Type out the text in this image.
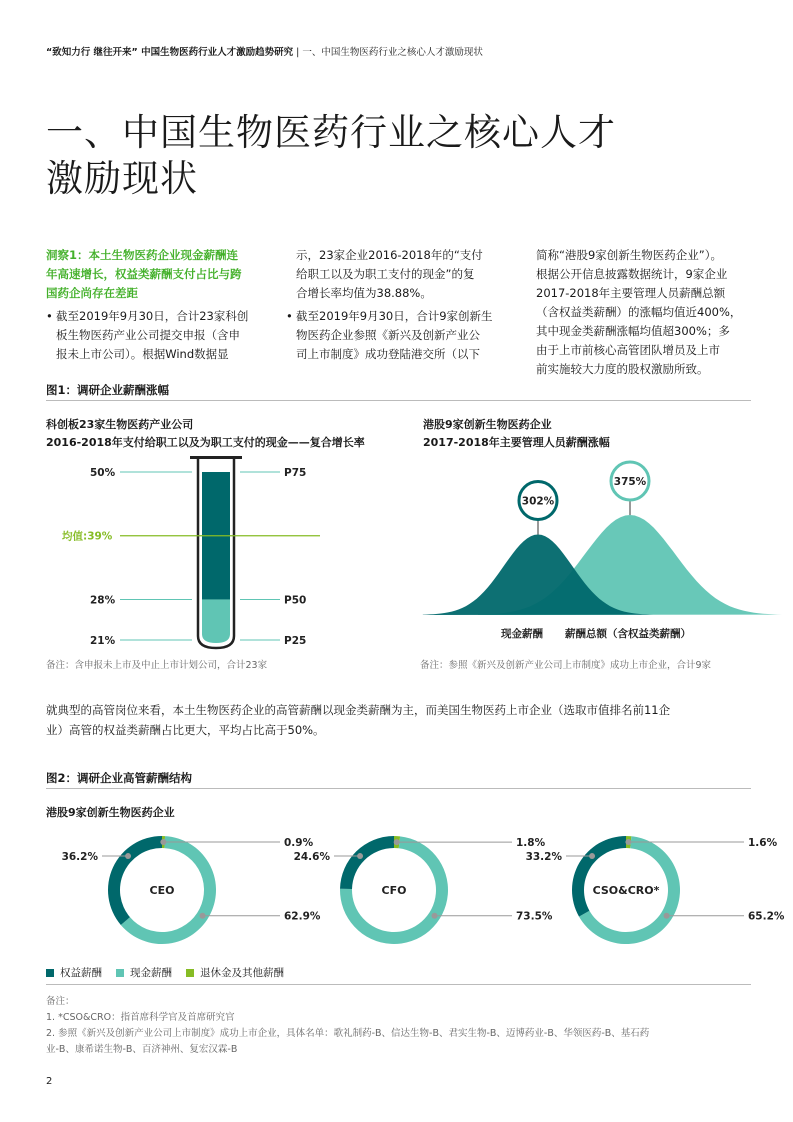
“致知力行 继往开来” 中国生物医药行业人才激励趋势研究 | 一、中国生物医药行业之核心人才激励现状
一、中国生物医药行业之核心人才
激励现状
洞察1：本土生物医药企业现金薪酬连
年高速增长，权益类薪酬支付占比与跨
国药企尚存在差距
• 截至2019年9月30日，合计23家科创
板生物医药产业公司提交申报（含申
报未上市公司）。根据Wind数据显
示，23家企业2016-2018年的“支付
给职工以及为职工支付的现金”的复
合增长率均值为38.88%。
• 截至2019年9月30日，合计9家创新生
物医药企业参照《新兴及创新产业公
司上市制度》成功登陆港交所（以下
简称“港股9家创新生物医药企业”）。
根据公开信息披露数据统计，9家企业
2017-2018年主要管理人员薪酬总额
（含权益类薪酬）的涨幅均值近400%，
其中现金类薪酬涨幅均值超300%；多
由于上市前核心高管团队增员及上市
前实施较大力度的股权激励所致。
图1：调研企业薪酬涨幅
科创板23家生物医药产业公司
2016-2018年支付给职工以及为职工支付的现金——复合增长率
港股9家创新生物医药企业
2017-2018年主要管理人员薪酬涨幅
50%	P75
28%	P50
21%	P25
均值:39%
302%
375%
现金薪酬 薪酬总额（含权益类薪酬）
备注：含申报未上市及中止上市计划公司，合计23家	备注：参照《新兴及创新产业公司上市制度》成功上市企业，合计9家
就典型的高管岗位来看，本土生物医药企业的高管薪酬以现金类薪酬为主，而美国生物医药上市企业（选取市值排名前11企
业）高管的权益类薪酬占比更大，平均占比高于50%。
图2：调研企业高管薪酬结构
港股9家创新生物医药企业
CEO
0.9%
62.9%
36.2%
CFO
1.8%
73.5%
24.6%
CSO&CRO*
1.6%
65.2%
33.2%
权益薪酬	现金薪酬	退休金及其他薪酬
备注：
1. *CSO&CRO：指首席科学官及首席研究官
2. 参照《新兴及创新产业公司上市制度》成功上市企业，具体名单：歌礼制药-B、信达生物-B、君实生物-B、迈博药业-B、华领医药-B、基石药
业-B、康希诺生物-B、百济神州、复宏汉霖-B
2
